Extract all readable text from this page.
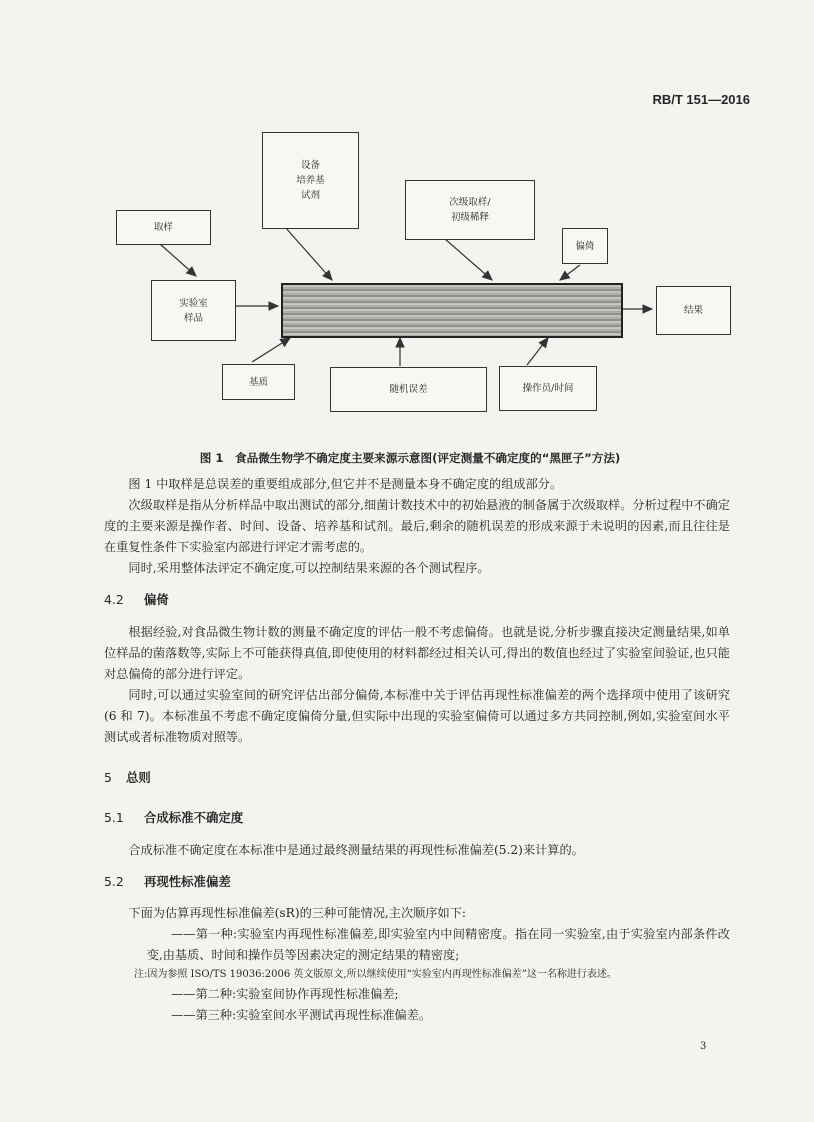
RB/T 151—2016
设备
培养基
试剂
取样
次级取样/
初级稀释
偏倚
实验室
样品
结果
基质
随机误差	操作员/时间
图 1　食品微生物学不确定度主要来源示意图(评定测量不确定度的“黑匣子”方法)

图 1 中取样是总误差的重要组成部分,但它并不是测量本身不确定度的组成部分。

次级取样是指从分析样品中取出测试的部分,细菌计数技术中的初始悬液的制备属于次级取样。分析过程中不确定度的主要来源是操作者、时间、设备、培养基和试剂。最后,剩余的随机误差的形成来源于未说明的因素,而且往往是在重复性条件下实验室内部进行评定才需考虑的。

同时,采用整体法评定不确定度,可以控制结果来源的各个测试程序。

4.2 偏倚

根据经验,对食品微生物计数的测量不确定度的评估一般不考虑偏倚。也就是说,分析步骤直接决定测量结果,如单位样品的菌落数等,实际上不可能获得真值,即使使用的材料都经过相关认可,得出的数值也经过了实验室间验证,也只能对总偏倚的部分进行评定。

同时,可以通过实验室间的研究评估出部分偏倚,本标准中关于评估再现性标准偏差的两个选择项中使用了该研究(6 和 7)。本标准虽不考虑不确定度偏倚分量,但实际中出现的实验室偏倚可以通过多方共同控制,例如,实验室间水平测试或者标准物质对照等。

5 总则
5.1 合成标准不确定度

合成标准不确定度在本标准中是通过最终测量结果的再现性标准偏差(5.2)来计算的。

5.2 再现性标准偏差

下面为估算再现性标准偏差(sR)的三种可能情况,主次顺序如下:

——第一种:实验室内再现性标准偏差,即实验室内中间精密度。指在同一实验室,由于实验室内部条件改变,由基质、时间和操作员等因素决定的测定结果的精密度;

注:因为参照 ISO/TS 19036:2006 英文版原文,所以继续使用“实验室内再现性标准偏差”这一名称进行表述。

——第二种:实验室间协作再现性标准偏差;

——第三种:实验室间水平测试再现性标准偏差。

3
